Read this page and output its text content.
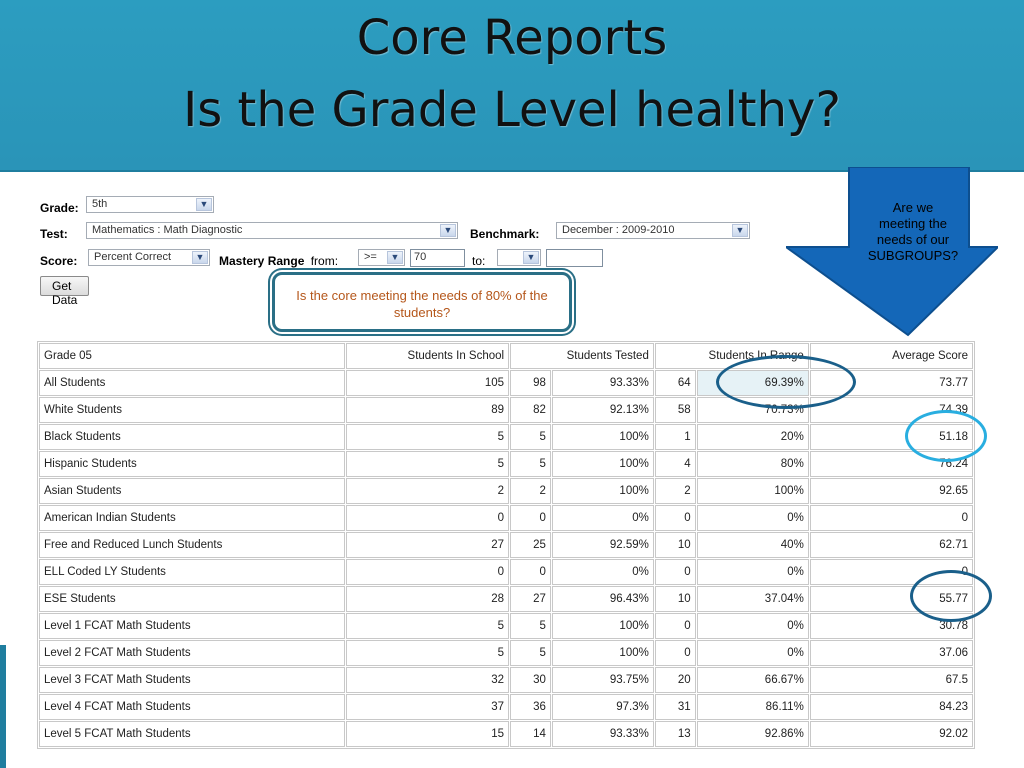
Core Reports
Is the Grade Level healthy?
Grade:	5th	▼
Test:	Mathematics : Math Diagnostic	▼ Benchmark:	December : 2009-2010	▼
Score:	Percent Correct	▼ Mastery Range from:	>=	▼	70	to:	▼
Get Data
Grade 05	Students In School	Students Tested		Students In Range		Average Score
All Students	105	98	93.33%	64	69.39%	73.77
White Students	89	82	92.13%	58	70.73%	74.39
Black Students	5	5	100%	1	20%	51.18
Hispanic Students	5	5	100%	4	80%	76.24
Asian Students	2	2	100%	2	100%	92.65
American Indian Students	0	0	0%	0	0%	0
Free and Reduced Lunch Students	27	25	92.59%	10	40%	62.71
ELL Coded LY Students	0	0	0%	0	0%	0
ESE Students	28	27	96.43%	10	37.04%	55.77
Level 1 FCAT Math Students	5	5	100%	0	0%	30.78
Level 2 FCAT Math Students	5	5	100%	0	0%	37.06
Level 3 FCAT Math Students	32	30	93.75%	20	66.67%	67.5
Level 4 FCAT Math Students	37	36	97.3%	31	86.11%	84.23
Level 5 FCAT Math Students	15	14	93.33%	13	92.86%	92.02
Is the core meeting the needs of 80% of the students?
Are we
meeting the
needs of our
SUBGROUPS?
